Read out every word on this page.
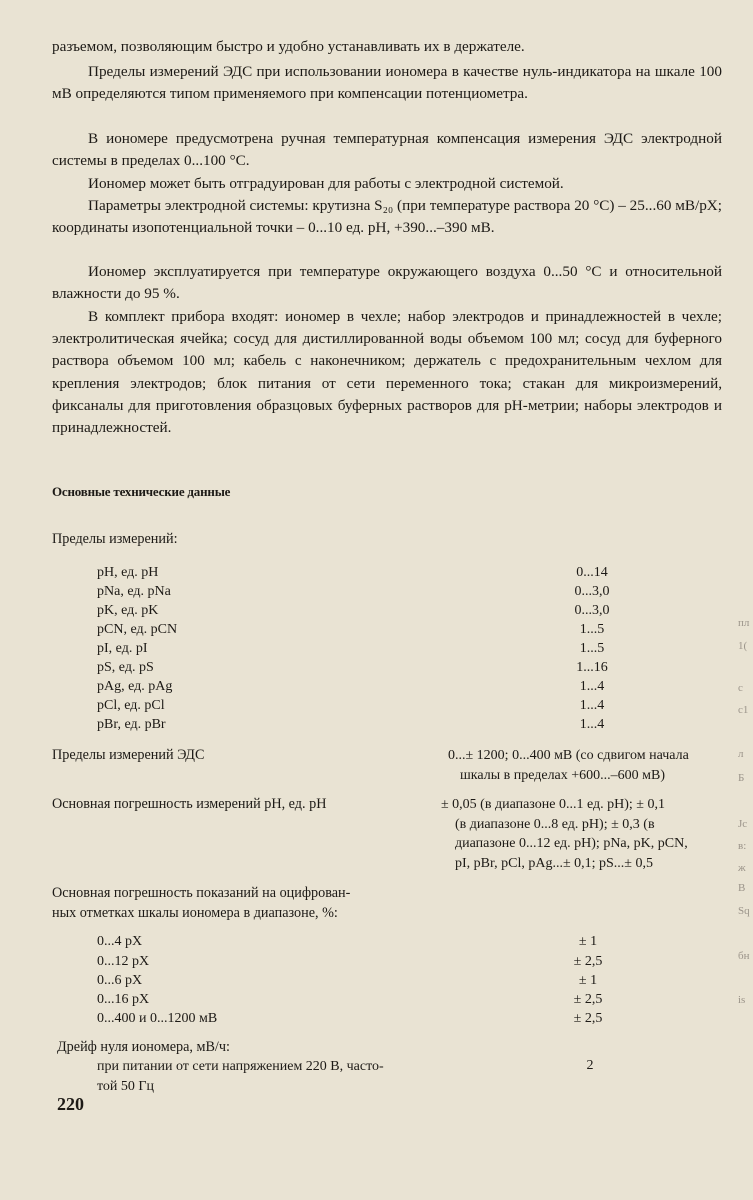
разъемом, позволяющим быстро и удобно устанавливать их в держателе.
Пределы измерений ЭДС при использовании иономера в качестве нуль-индикатора на шкале 100 мВ определяются типом применяемого при компенсации потенциометра.
В иономере предусмотрена ручная температурная компенсация измерения ЭДС электродной системы в пределах 0...100 °С.
Иономер может быть отградуирован для работы с электродной системой.
Параметры электродной системы: крутизна S₂₀ (при температуре раствора 20 °С) – 25...60 мВ/рХ; координаты изопотенциальной точки – 0...10 ед. рН, +390...–390 мВ.
Иономер эксплуатируется при температуре окружающего воздуха 0...50 °С и относительной влажности до 95 %.
В комплект прибора входят: иономер в чехле; набор электродов и принадлежностей в чехле; электролитическая ячейка; сосуд для дистиллированной воды объемом 100 мл; сосуд для буферного раствора объемом 100 мл; кабель с наконечником; держатель с предохранительным чехлом для крепления электродов; блок питания от сети переменного тока; стакан для микроизмерений, фиксаналы для приготовления образцовых буферных растворов для рН-метрии; наборы электродов и принадлежностей.
Основные технические данные
Пределы измерений:
pH, ед. pH	0...14
pNa, ед. pNa	0...3,0
pK, ед. pK	0...3,0
pCN, ед. pCN	1...5
pI, ед. pI	1...5
pS, ед. pS	1...16
pAg, ед. pAg	1...4
pCl, ед. pCl	1...4
pBr, ед. pBr	1...4
Пределы измерений ЭДС	0...± 1200; 0...400 мВ (со сдвигом начала
шкалы в пределах +600...–600 мВ)
Основная погрешность измерений рН, ед. рН	± 0,05 (в диапазоне 0...1 ед. рН); ± 0,1
(в диапазоне 0...8 ед. рН); ± 0,3 (в
диапазоне 0...12 ед. рН); pNa, pK, pCN,
pI, pBr, pCl, pAg...± 0,1; pS...± 0,5
Основная погрешность показаний на оцифрован-
ных отметках шкалы иономера в диапазоне, %:
0...4 pX	± 1
0...12 pX	± 2,5
0...6 pX	± 1
0...16 pX	± 2,5
0...400 и 0...1200 мВ	± 2,5
Дрейф нуля иономера, мВ/ч:
при питании от сети напряжением 220 В, часто-
той 50 Гц
2
220
пл
1(
с
с1
л
Б
Jc
в:
ж
B
Sq
бн
is
